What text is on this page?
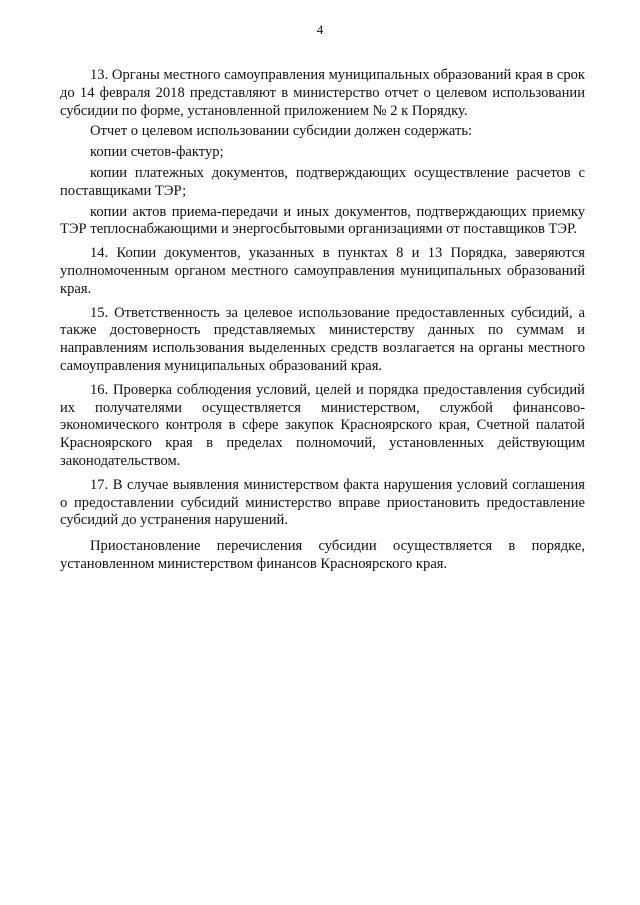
4

13. Органы местного самоуправления муниципальных образований края в срок до 14 февраля 2018 представляют в министерство отчет о целевом использовании субсидии по форме, установленной приложением № 2 к Порядку.

Отчет о целевом использовании субсидии должен содержать:

копии счетов-фактур;

копии платежных документов, подтверждающих осуществление расчетов с поставщиками ТЭР;

копии актов приема-передачи и иных документов, подтверждающих приемку ТЭР теплоснабжающими и энергосбытовыми организациями от поставщиков ТЭР.

14. Копии документов, указанных в пунктах 8 и 13 Порядка, заверяются уполномоченным органом местного самоуправления муниципальных образований края.

15. Ответственность за целевое использование предоставленных субсидий, а также достоверность представляемых министерству данных по суммам и направлениям использования выделенных средств возлагается на органы местного самоуправления муниципальных образований края.

16. Проверка соблюдения условий, целей и порядка предоставления субсидий их получателями осуществляется министерством, службой финансово-экономического контроля в сфере закупок Красноярского края, Счетной палатой Красноярского края в пределах полномочий, установленных действующим законодательством.

17. В случае выявления министерством факта нарушения условий соглашения о предоставлении субсидий министерство вправе приостановить предоставление субсидий до устранения нарушений.

Приостановление перечисления субсидии осуществляется в порядке, установленном министерством финансов Красноярского края.
